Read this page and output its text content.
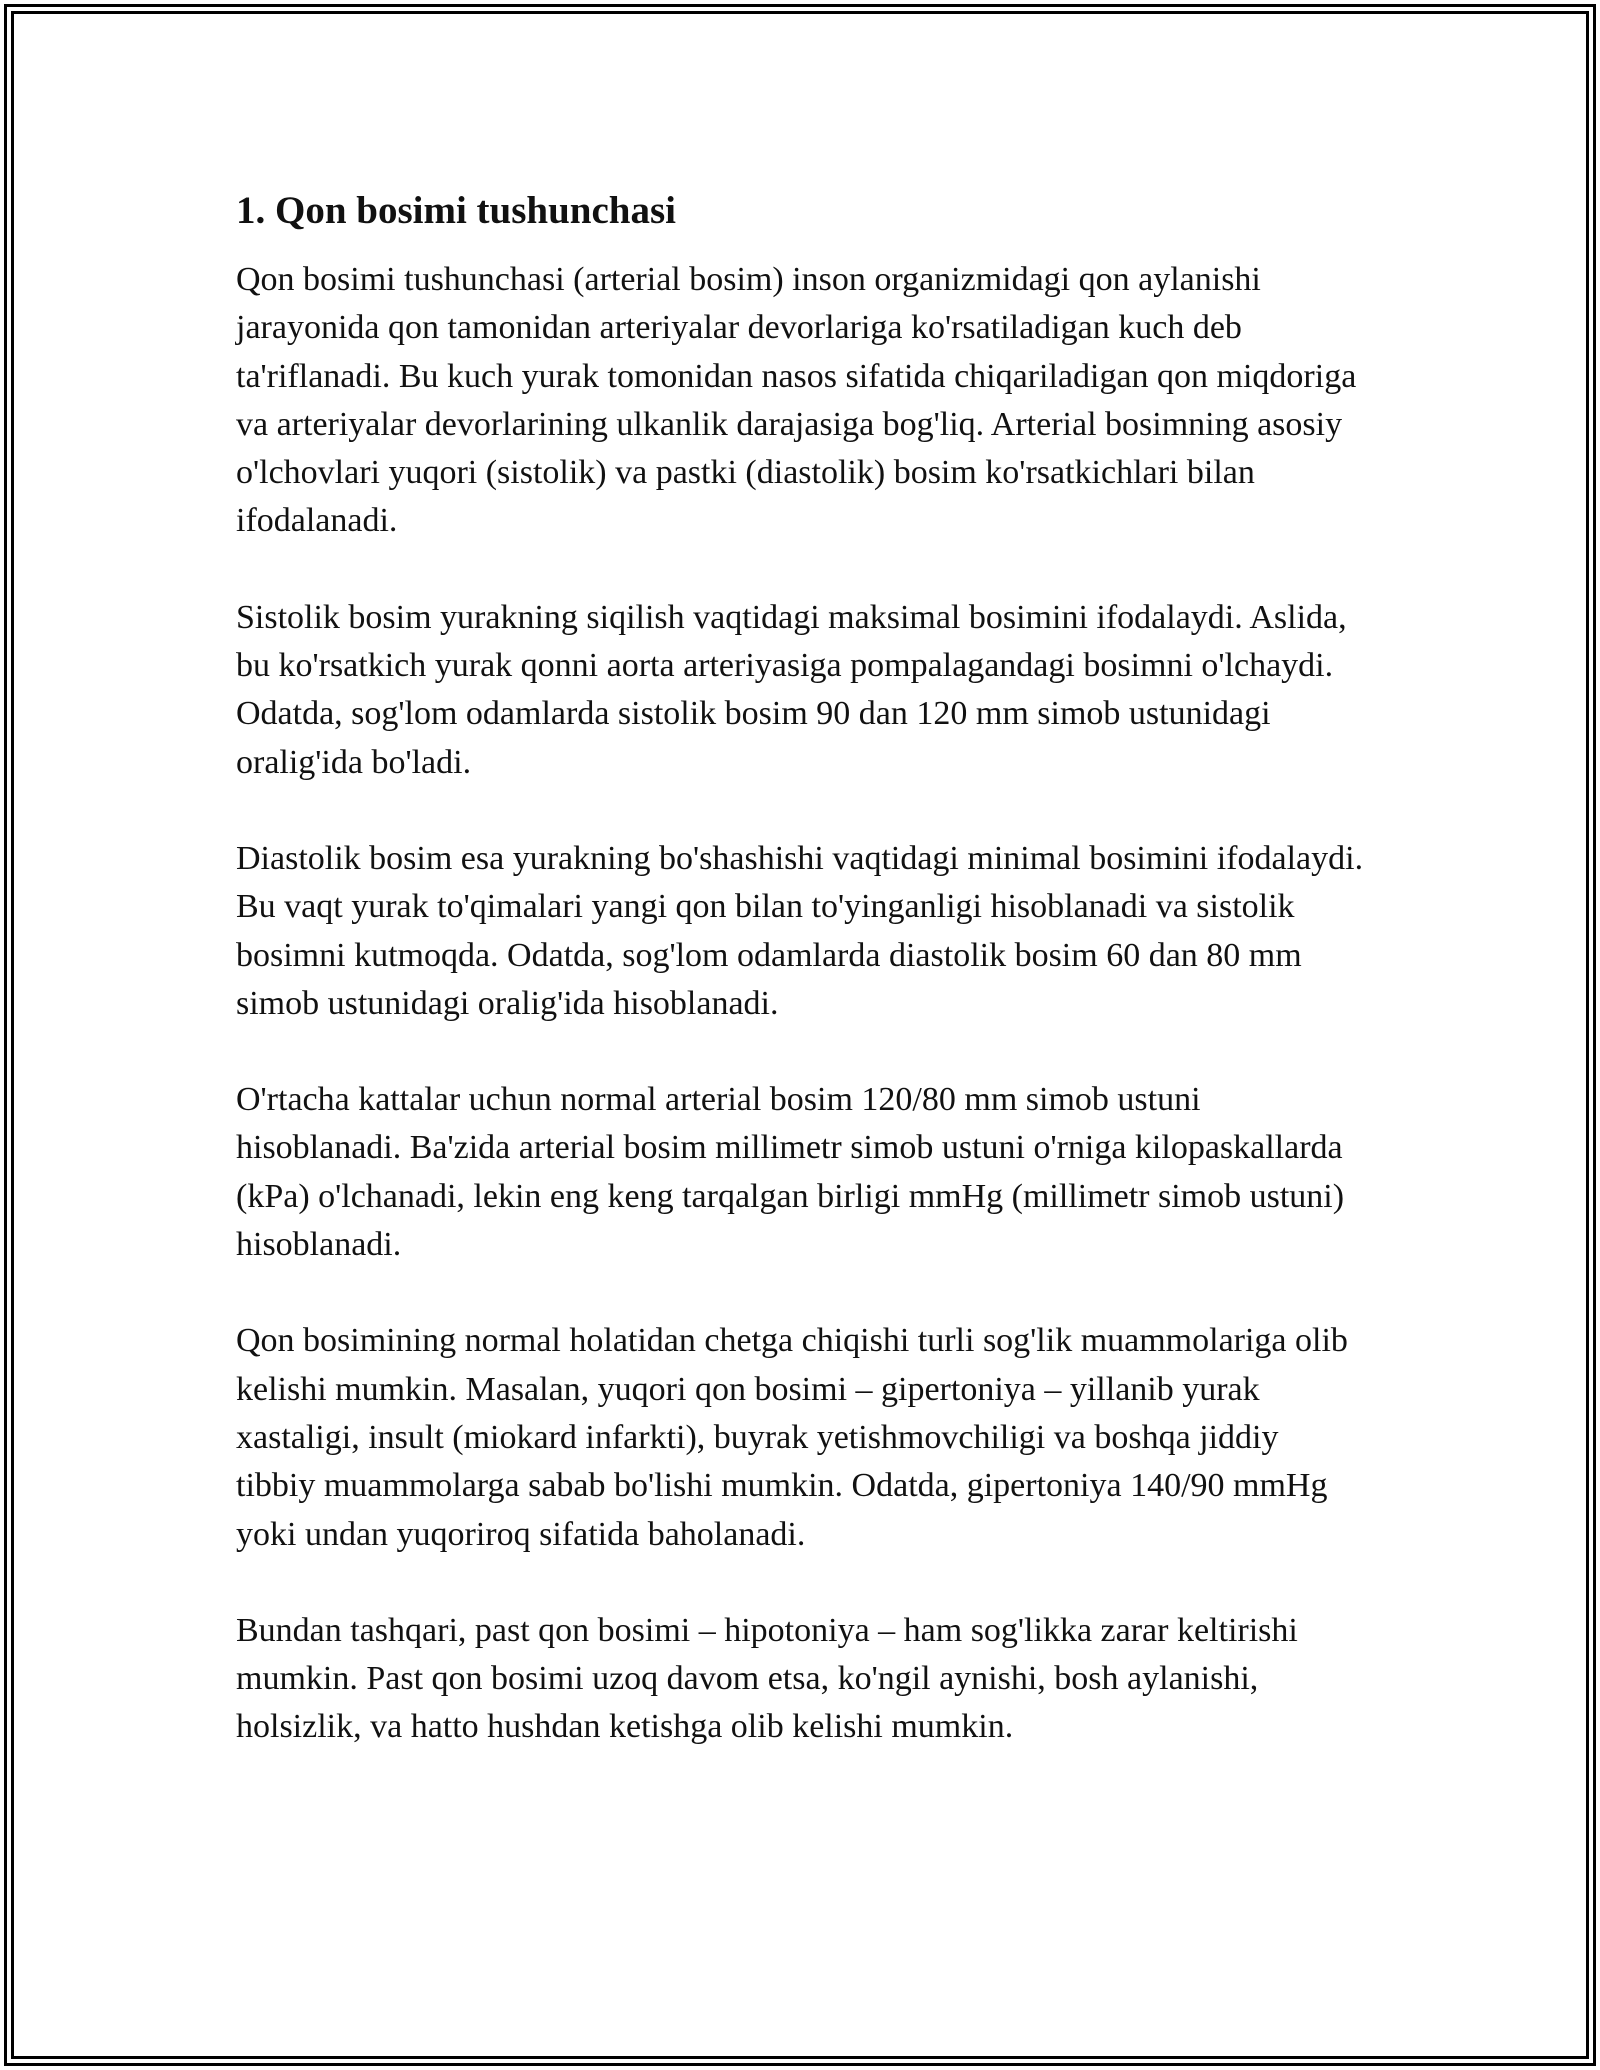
1. Qon bosimi tushunchasi

Qon bosimi tushunchasi (arterial bosim) inson organizmidagi qon aylanishi jarayonida qon tamonidan arteriyalar devorlariga ko'rsatiladigan kuch deb ta'riflanadi. Bu kuch yurak tomonidan nasos sifatida chiqariladigan qon miqdoriga va arteriyalar devorlarining ulkanlik darajasiga bog'liq. Arterial bosimning asosiy o'lchovlari yuqori (sistolik) va pastki (diastolik) bosim ko'rsatkichlari bilan ifodalanadi.

Sistolik bosim yurakning siqilish vaqtidagi maksimal bosimini ifodalaydi. Aslida, bu ko'rsatkich yurak qonni aorta arteriyasiga pompalagandagi bosimni o'lchaydi. Odatda, sog'lom odamlarda sistolik bosim 90 dan 120 mm simob ustunidagi oralig'ida bo'ladi.

Diastolik bosim esa yurakning bo'shashishi vaqtidagi minimal bosimini ifodalaydi. Bu vaqt yurak to'qimalari yangi qon bilan to'yinganligi hisoblanadi va sistolik bosimni kutmoqda. Odatda, sog'lom odamlarda diastolik bosim 60 dan 80 mm simob ustunidagi oralig'ida hisoblanadi.

O'rtacha kattalar uchun normal arterial bosim 120/80 mm simob ustuni hisoblanadi. Ba'zida arterial bosim millimetr simob ustuni o'rniga kilopaskallarda (kPa) o'lchanadi, lekin eng keng tarqalgan birligi mmHg (millimetr simob ustuni) hisoblanadi.

Qon bosimining normal holatidan chetga chiqishi turli sog'lik muammolariga olib kelishi mumkin. Masalan, yuqori qon bosimi – gipertoniya – yillanib yurak xastaligi, insult (miokard infarkti), buyrak yetishmovchiligi va boshqa jiddiy tibbiy muammolarga sabab bo'lishi mumkin. Odatda, gipertoniya 140/90 mmHg yoki undan yuqoriroq sifatida baholanadi.

Bundan tashqari, past qon bosimi – hipotoniya – ham sog'likka zarar keltirishi mumkin. Past qon bosimi uzoq davom etsa, ko'ngil aynishi, bosh aylanishi, holsizlik, va hatto hushdan ketishga olib kelishi mumkin.
